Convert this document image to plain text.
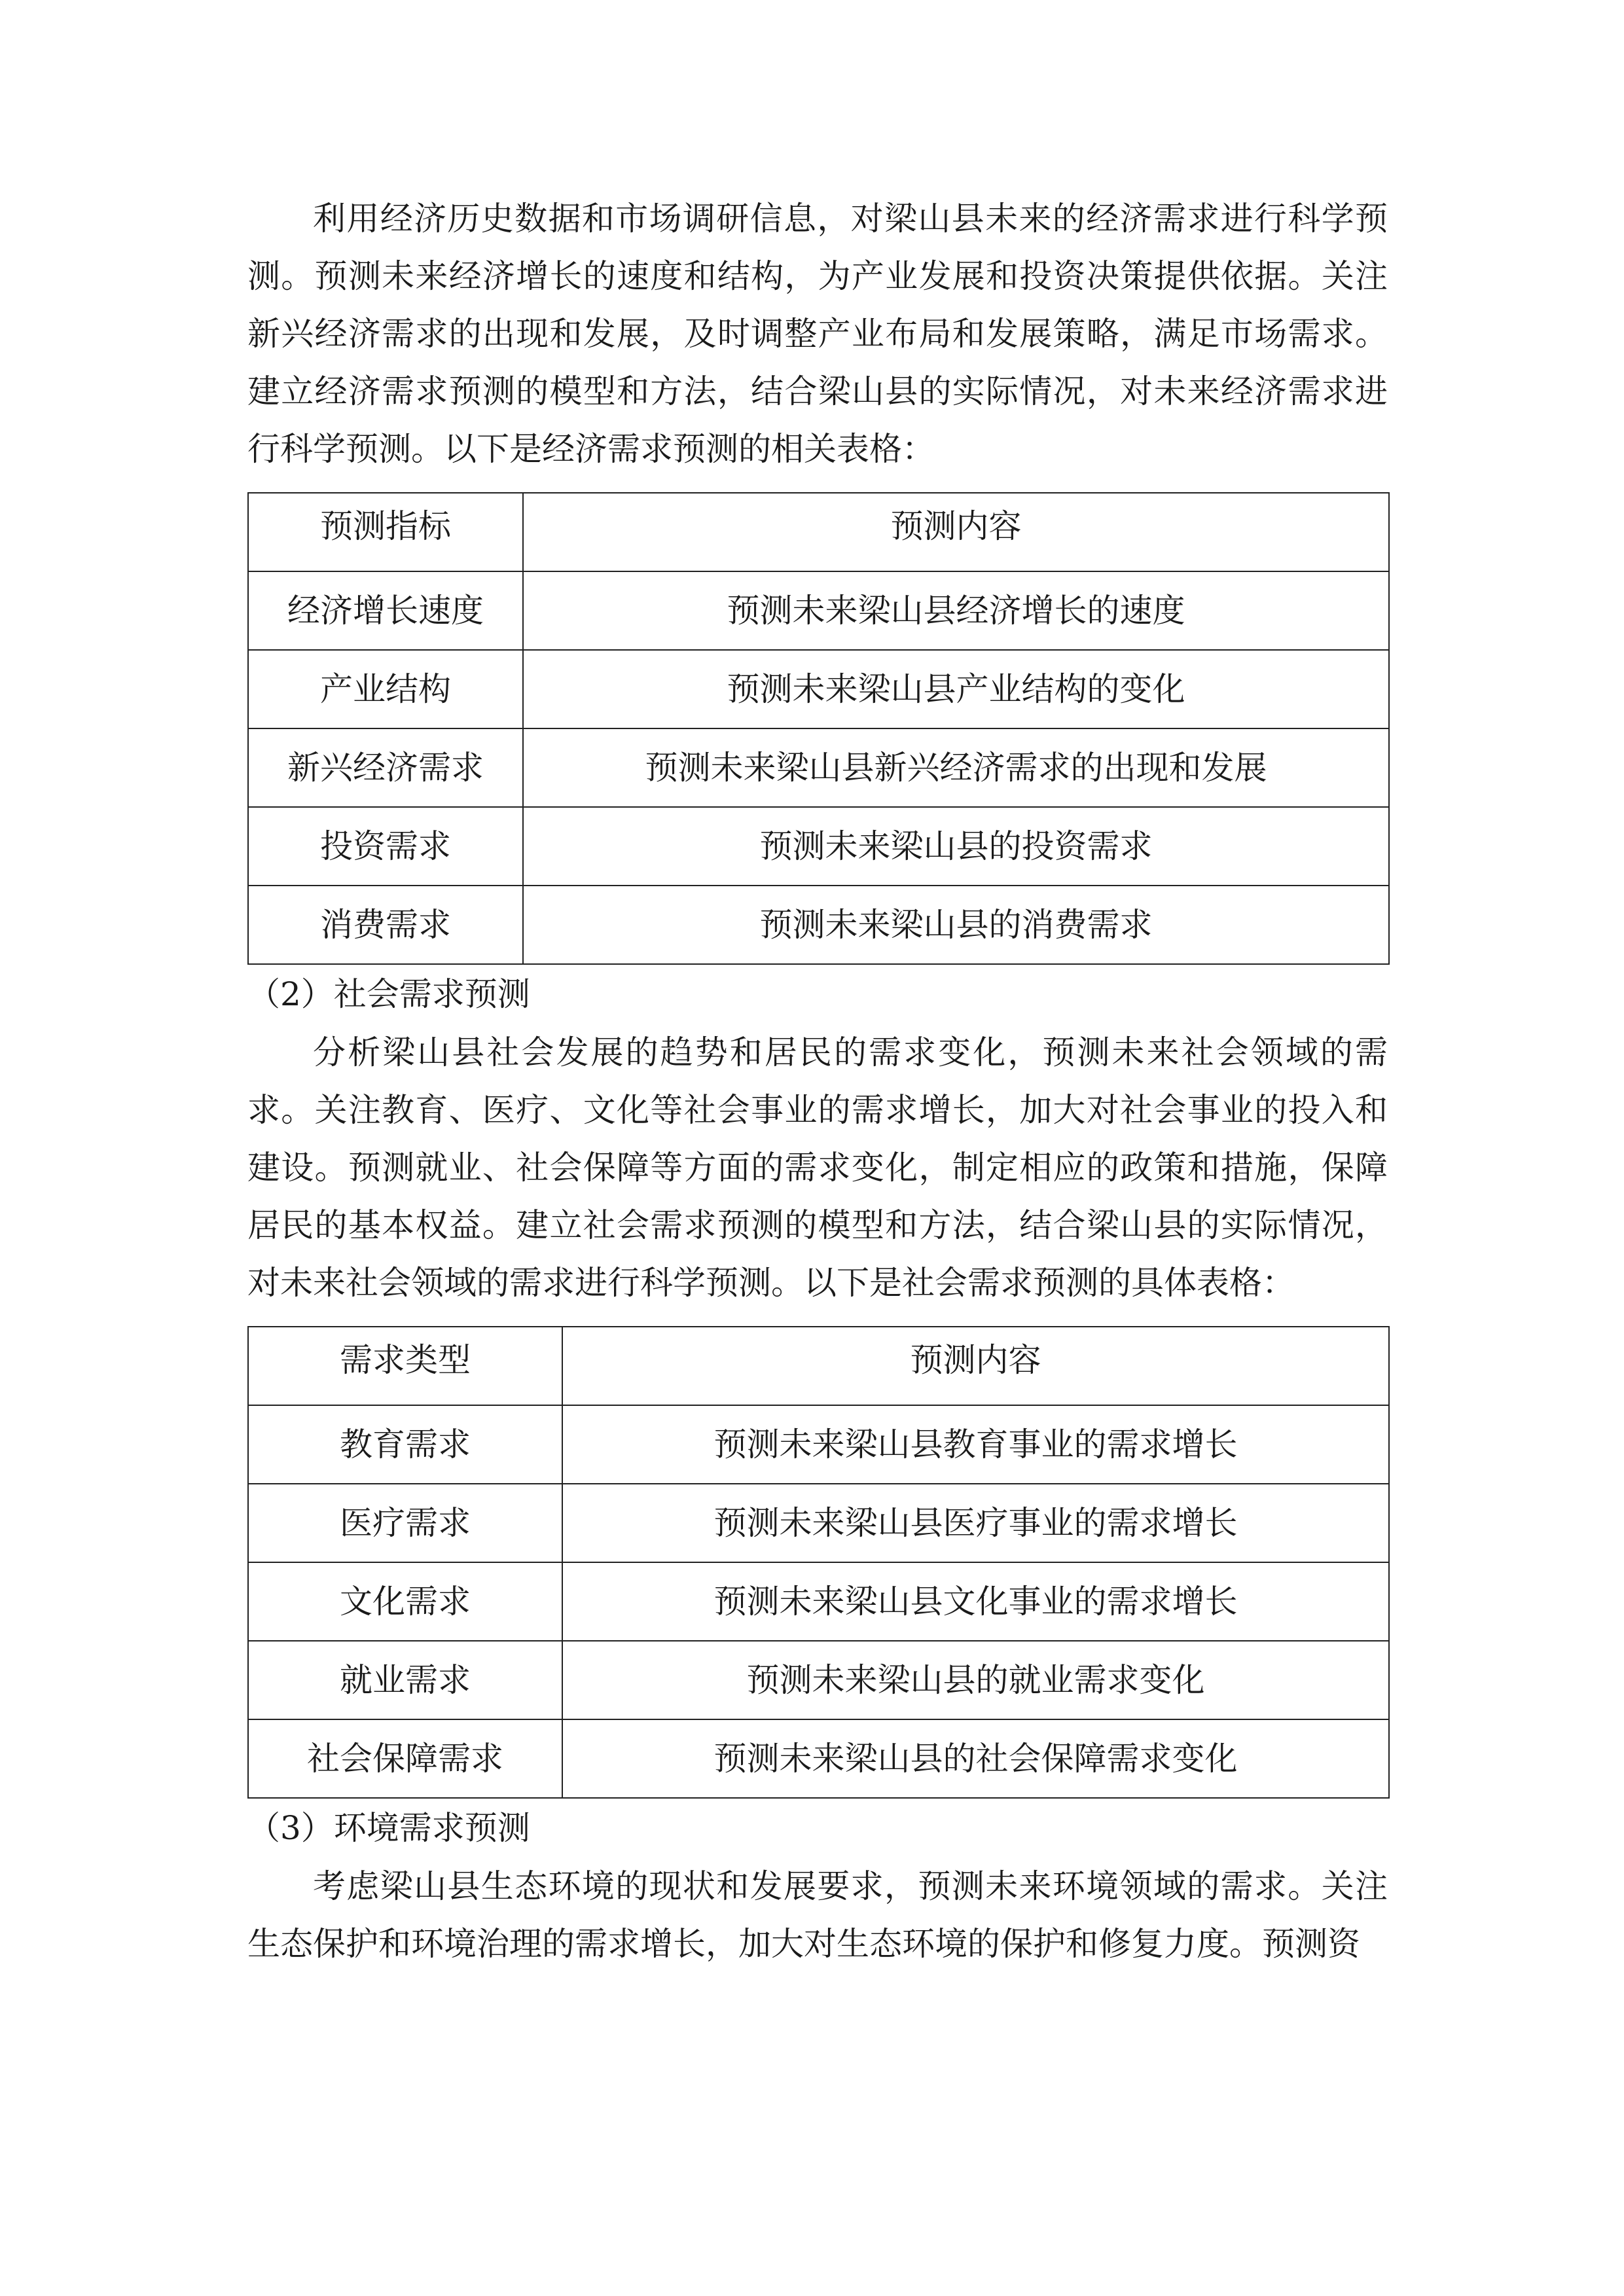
利用经济历史数据和市场调研信息，对梁山县未来的经济需求进行科学预测。预测未来经济增长的速度和结构，为产业发展和投资决策提供依据。关注新兴经济需求的出现和发展，及时调整产业布局和发展策略，满足市场需求。建立经济需求预测的模型和方法，结合梁山县的实际情况，对未来经济需求进行科学预测。以下是经济需求预测的相关表格：

预测指标	预测内容
经济增长速度	预测未来梁山县经济增长的速度
产业结构	预测未来梁山县产业结构的变化
新兴经济需求	预测未来梁山县新兴经济需求的出现和发展
投资需求	预测未来梁山县的投资需求
消费需求	预测未来梁山县的消费需求
（2）社会需求预测

分析梁山县社会发展的趋势和居民的需求变化，预测未来社会领域的需求。关注教育、医疗、文化等社会事业的需求增长，加大对社会事业的投入和建设。预测就业、社会保障等方面的需求变化，制定相应的政策和措施，保障居民的基本权益。建立社会需求预测的模型和方法，结合梁山县的实际情况，对未来社会领域的需求进行科学预测。以下是社会需求预测的具体表格：

需求类型	预测内容
教育需求	预测未来梁山县教育事业的需求增长
医疗需求	预测未来梁山县医疗事业的需求增长
文化需求	预测未来梁山县文化事业的需求增长
就业需求	预测未来梁山县的就业需求变化
社会保障需求	预测未来梁山县的社会保障需求变化
（3）环境需求预测

考虑梁山县生态环境的现状和发展要求，预测未来环境领域的需求。关注生态保护和环境治理的需求增长，加大对生态环境的保护和修复力度。预测资
